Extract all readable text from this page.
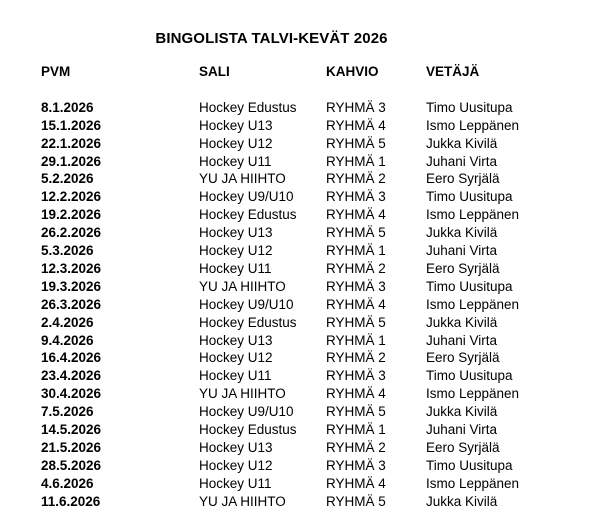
BINGOLISTA TALVI-KEVÄT 2026
PVM	SALI	KAHVIO	VETÄJÄ
8.1.2026	Hockey Edustus	RYHMÄ 3	Timo Uusitupa
15.1.2026	Hockey U13	RYHMÄ 4	Ismo Leppänen
22.1.2026	Hockey U12	RYHMÄ 5	Jukka Kivilä
29.1.2026	Hockey U11	RYHMÄ 1	Juhani Virta
5.2.2026	YU JA HIIHTO	RYHMÄ 2	Eero Syrjälä
12.2.2026	Hockey U9/U10	RYHMÄ 3	Timo Uusitupa
19.2.2026	Hockey Edustus	RYHMÄ 4	Ismo Leppänen
26.2.2026	Hockey U13	RYHMÄ 5	Jukka Kivilä
5.3.2026	Hockey U12	RYHMÄ 1	Juhani Virta
12.3.2026	Hockey U11	RYHMÄ 2	Eero Syrjälä
19.3.2026	YU JA HIIHTO	RYHMÄ 3	Timo Uusitupa
26.3.2026	Hockey U9/U10	RYHMÄ 4	Ismo Leppänen
2.4.2026	Hockey Edustus	RYHMÄ 5	Jukka Kivilä
9.4.2026	Hockey U13	RYHMÄ 1	Juhani Virta
16.4.2026	Hockey U12	RYHMÄ 2	Eero Syrjälä
23.4.2026	Hockey U11	RYHMÄ 3	Timo Uusitupa
30.4.2026	YU JA HIIHTO	RYHMÄ 4	Ismo Leppänen
7.5.2026	Hockey U9/U10	RYHMÄ 5	Jukka Kivilä
14.5.2026	Hockey Edustus	RYHMÄ 1	Juhani Virta
21.5.2026	Hockey U13	RYHMÄ 2	Eero Syrjälä
28.5.2026	Hockey U12	RYHMÄ 3	Timo Uusitupa
4.6.2026	Hockey U11	RYHMÄ 4	Ismo Leppänen
11.6.2026	YU JA HIIHTO	RYHMÄ 5	Jukka Kivilä
